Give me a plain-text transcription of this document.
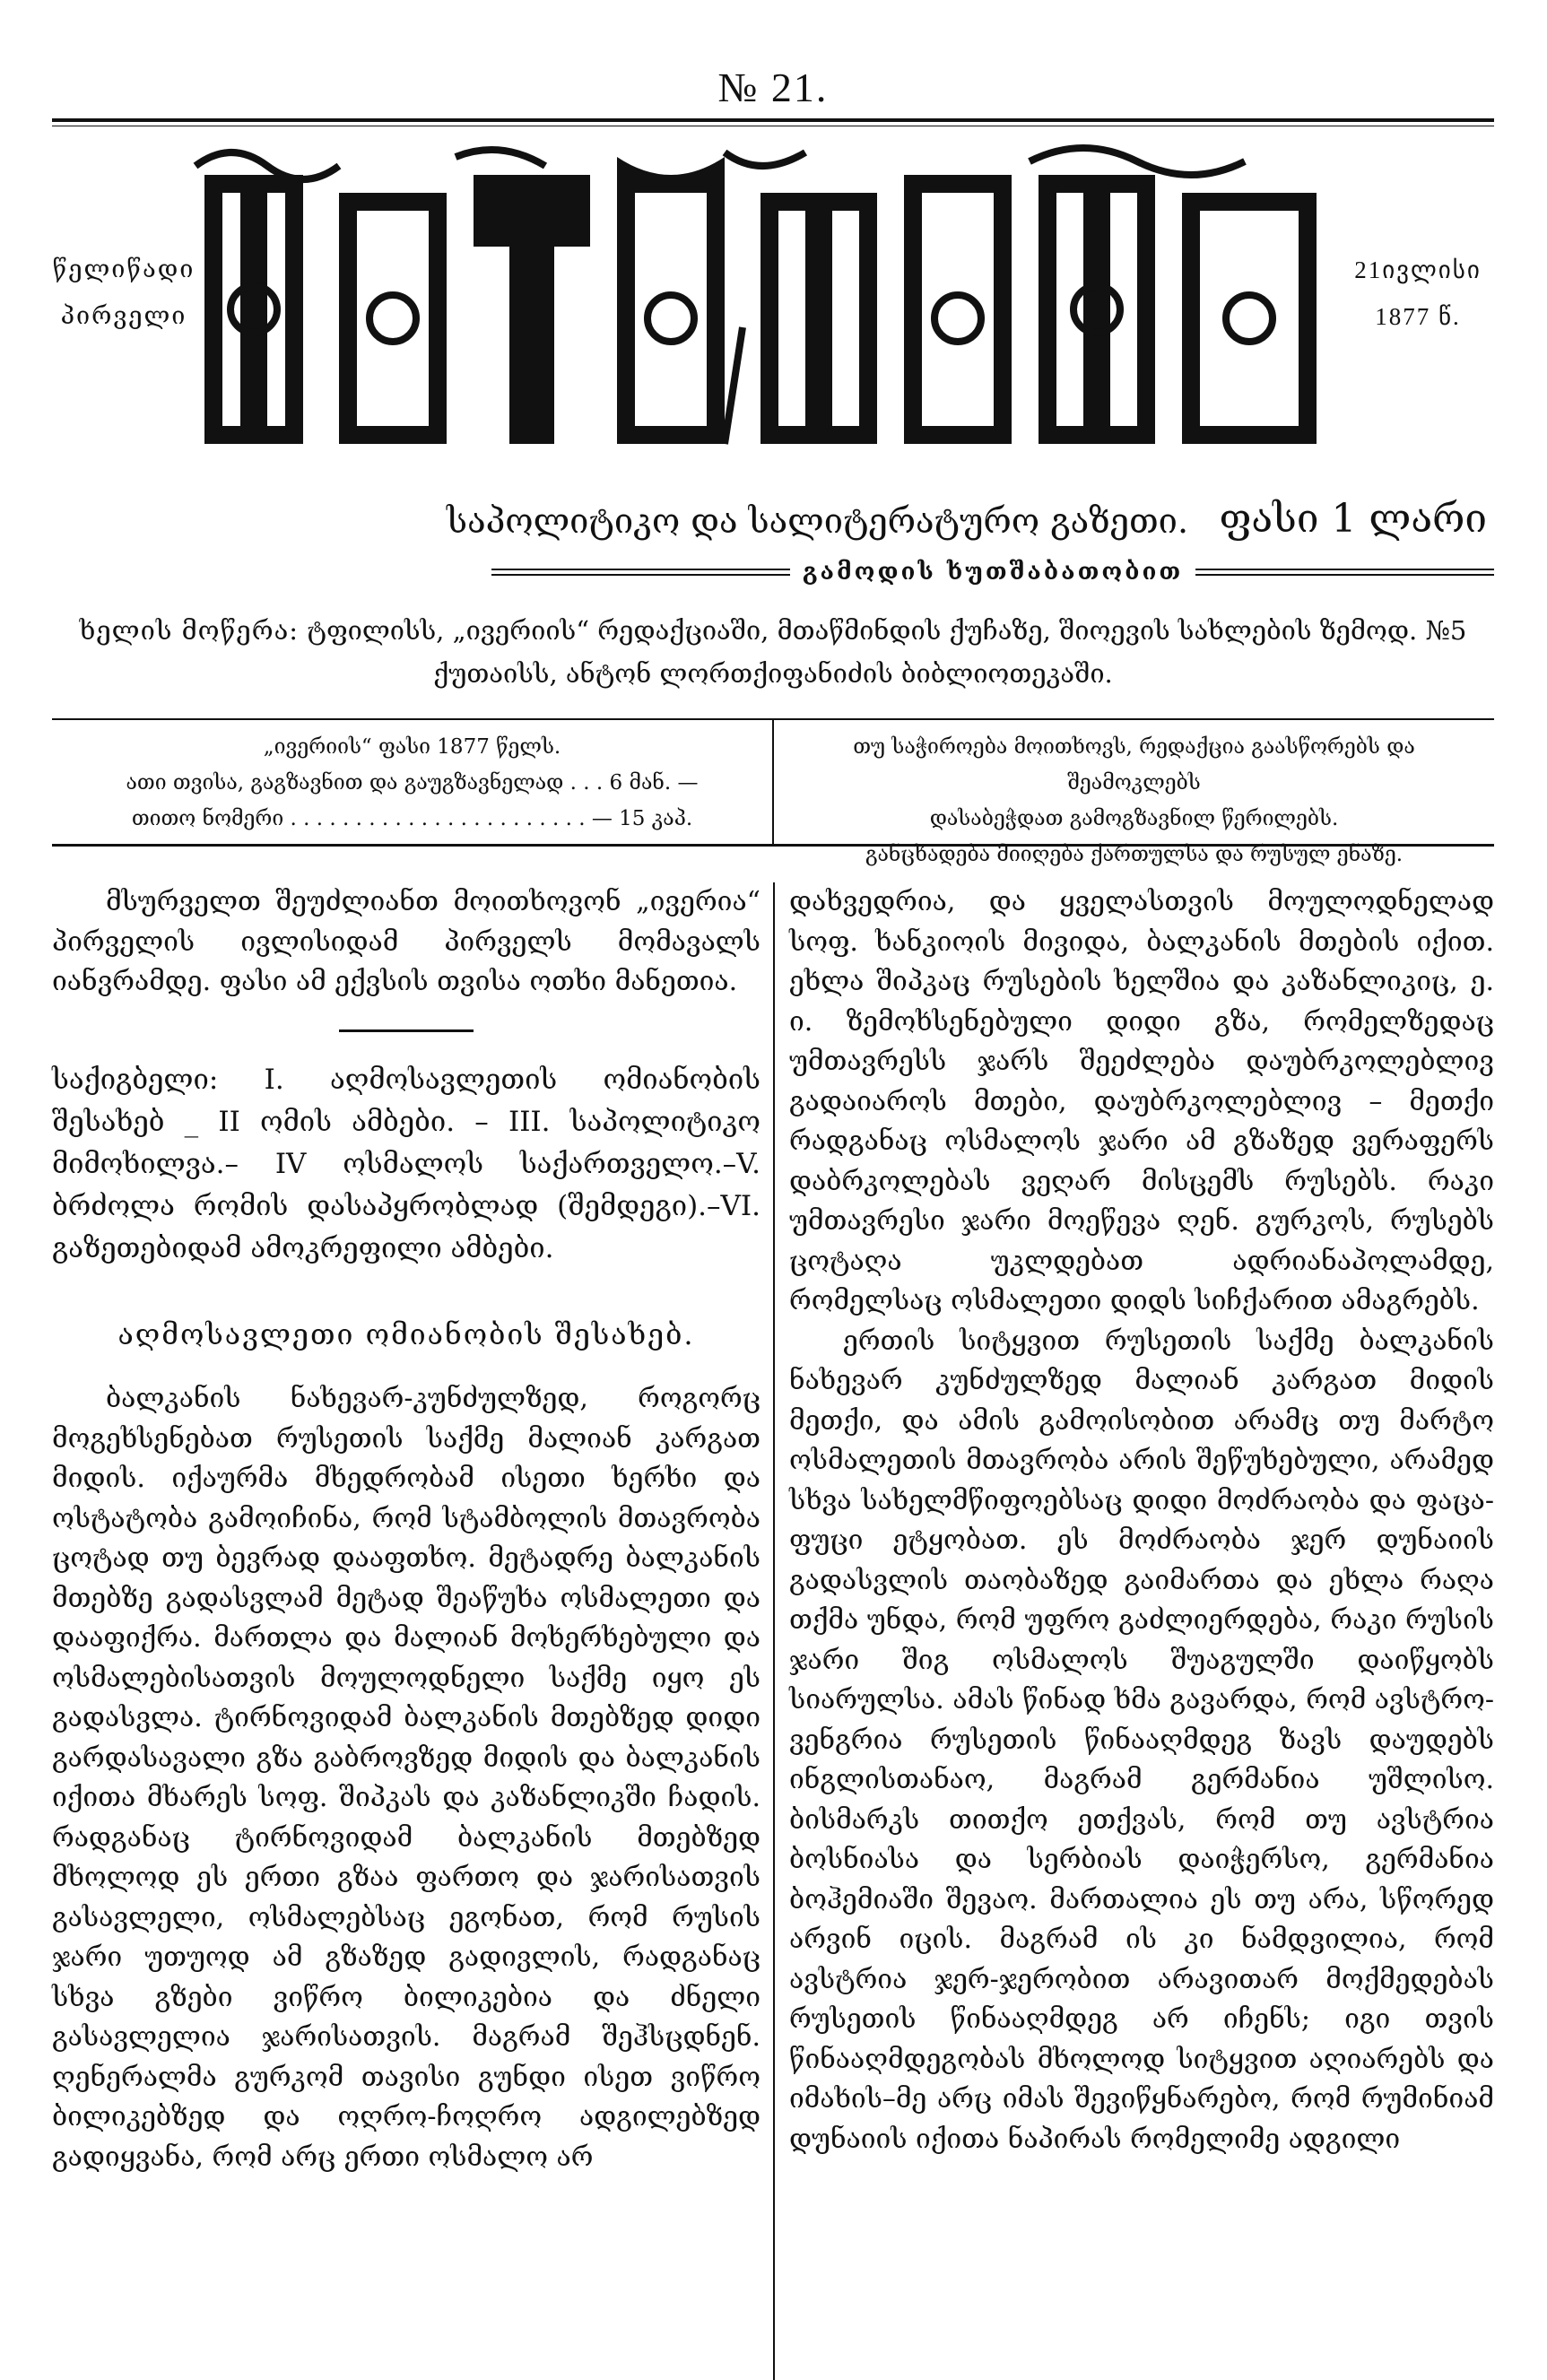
№ 21.
წელიწადი
პირველი
21ივლისი
1877 წ.
საპოლიტიკო და სალიტერატურო გაზეთი. ფასი 1 ლარი
გამოდის ხუთშაბათობით
ხელის მოწერა: ტფილისს, „ივერიის“ რედაქციაში, მთაწმინდის ქუჩაზე, შიოევის სახლების ზემოდ. №5
ქუთაისს, ანტონ ლორთქიფანიძის ბიბლიოთეკაში.
„ივერიის“ ფასი 1877 წელს.
ათი თვისა, გაგზავნით და გაუგზავნელად . . . 6 მან. —
თითო ნომერი . . . . . . . . . . . . . . . . . . . . . . . — 15 კაპ.
თუ საჭიროება მოითხოვს, რედაქცია გაასწორებს და შეამოკლებს
დასაბეჭდათ გამოგზავნილ წერილებს.
განცხადება მიიღება ქართულსა და რუსულ ენაზე.

მსურველთ შეუძლიანთ მოითხოვონ „ივერია“ პირველის ივლისიდამ პირველს მომავალს იანვრამდე. ფასი ამ ექვსის თვისა ოთხი მანეთია.

საქიგბელი: I. აღმოსავლეთის ომიანობის შესახებ _ II ომის ამბები. – III. საპოლიტიკო მიმოხილვა.– IV ოსმალოს საქართველო.–V. ბრძოლა რომის დასაპყრობლად (შემდეგი).–VI. გაზეთებიდამ ამოკრეფილი ამბები.

აღმოსავლეთი ომიანობის შესახებ.

ბალკანის ნახევარ-კუნძულზედ, როგორც მოგეხსენებათ რუსეთის საქმე მალიან კარგათ მიდის. იქაურმა მხედრობამ ისეთი ხერხი და ოსტატობა გამოიჩინა, რომ სტამბოლის მთავრობა ცოტად თუ ბევრად დააფთხო. მეტადრე ბალკანის მთებზე გადასვლამ მეტად შეაწუხა ოსმალეთი და დააფიქრა. მართლა და მალიან მოხერხებული და ოსმალებისათვის მოულოდნელი საქმე იყო ეს გადასვლა. ტირნოვიდამ ბალკანის მთებზედ დიდი გარდასავალი გზა გაბროვზედ მიდის და ბალკანის იქითა მხარეს სოფ. შიპკას და კაზანლიკში ჩადის. რადგანაც ტირნოვიდამ ბალკანის მთებზედ მხოლოდ ეს ერთი გზაა ფართო და ჯარისათვის გასავლელი, ოსმალებსაც ეგონათ, რომ რუსის ჯარი უთუოდ ამ გზაზედ გადივლის, რადგანაც სხვა გზები ვიწრო ბილიკებია და ძნელი გასავლელია ჯარისათვის. მაგრამ შეჰსცდნენ. ღენერალმა გურკომ თავისი გუნდი ისეთ ვიწრო ბილიკებზედ და ოღრო-ჩოღრო ადგილებზედ გადიყვანა, რომ არც ერთი ოსმალო არ

დახვედრია, და ყველასთვის მოულოდნელად სოფ. ხანკიოის მივიდა, ბალკანის მთების იქით. ეხლა შიპკაც რუსების ხელშია და კაზანლიკიც, ე. ი. ზემოხსენებული დიდი გზა, რომელზედაც უმთავრესს ჯარს შეეძლება დაუბრკოლებლივ გადაიაროს მთები, დაუბრკოლებლივ – მეთქი რადგანაც ოსმალოს ჯარი ამ გზაზედ ვერაფერს დაბრკოლებას ვეღარ მისცემს რუსებს. რაკი უმთავრესი ჯარი მოეწევა ღენ. გურკოს, რუსებს ცოტაღა უკლდებათ ადრიანაპოლამდე, რომელსაც ოსმალეთი დიდს სიჩქარით ამაგრებს.

ერთის სიტყვით რუსეთის საქმე ბალკანის ნახევარ კუნძულზედ მალიან კარგათ მიდის მეთქი, და ამის გამოისობით არამც თუ მარტო ოსმალეთის მთავრობა არის შეწუხებული, არამედ სხვა სახელმწიფოებსაც დიდი მოძრაობა და ფაცა-ფუცი ეტყობათ. ეს მოძრაობა ჯერ დუნაიის გადასვლის თაობაზედ გაიმართა და ეხლა რაღა თქმა უნდა, რომ უფრო გაძლიერდება, რაკი რუსის ჯარი შიგ ოსმალოს შუაგულში დაიწყობს სიარულსა. ამას წინად ხმა გავარდა, რომ ავსტრო-ვენგრია რუსეთის წინააღმდეგ ზავს დაუდებს ინგლისთანაო, მაგრამ გერმანია უშლისო. ბისმარკს თითქო ეთქვას, რომ თუ ავსტრია ბოსნიასა და სერბიას დაიჭერსო, გერმანია ბოჰემიაში შევაო. მართალია ეს თუ არა, სწორედ არვინ იცის. მაგრამ ის კი ნამდვილია, რომ ავსტრია ჯერ-ჯერობით არავითარ მოქმედებას რუსეთის წინააღმდეგ არ იჩენს; იგი თვის წინააღმდეგობას მხოლოდ სიტყვით აღიარებს და იმახის–მე არც იმას შევიწყნარებო, რომ რუმინიამ დუნაიის იქითა ნაპირას რომელიმე ადგილი
